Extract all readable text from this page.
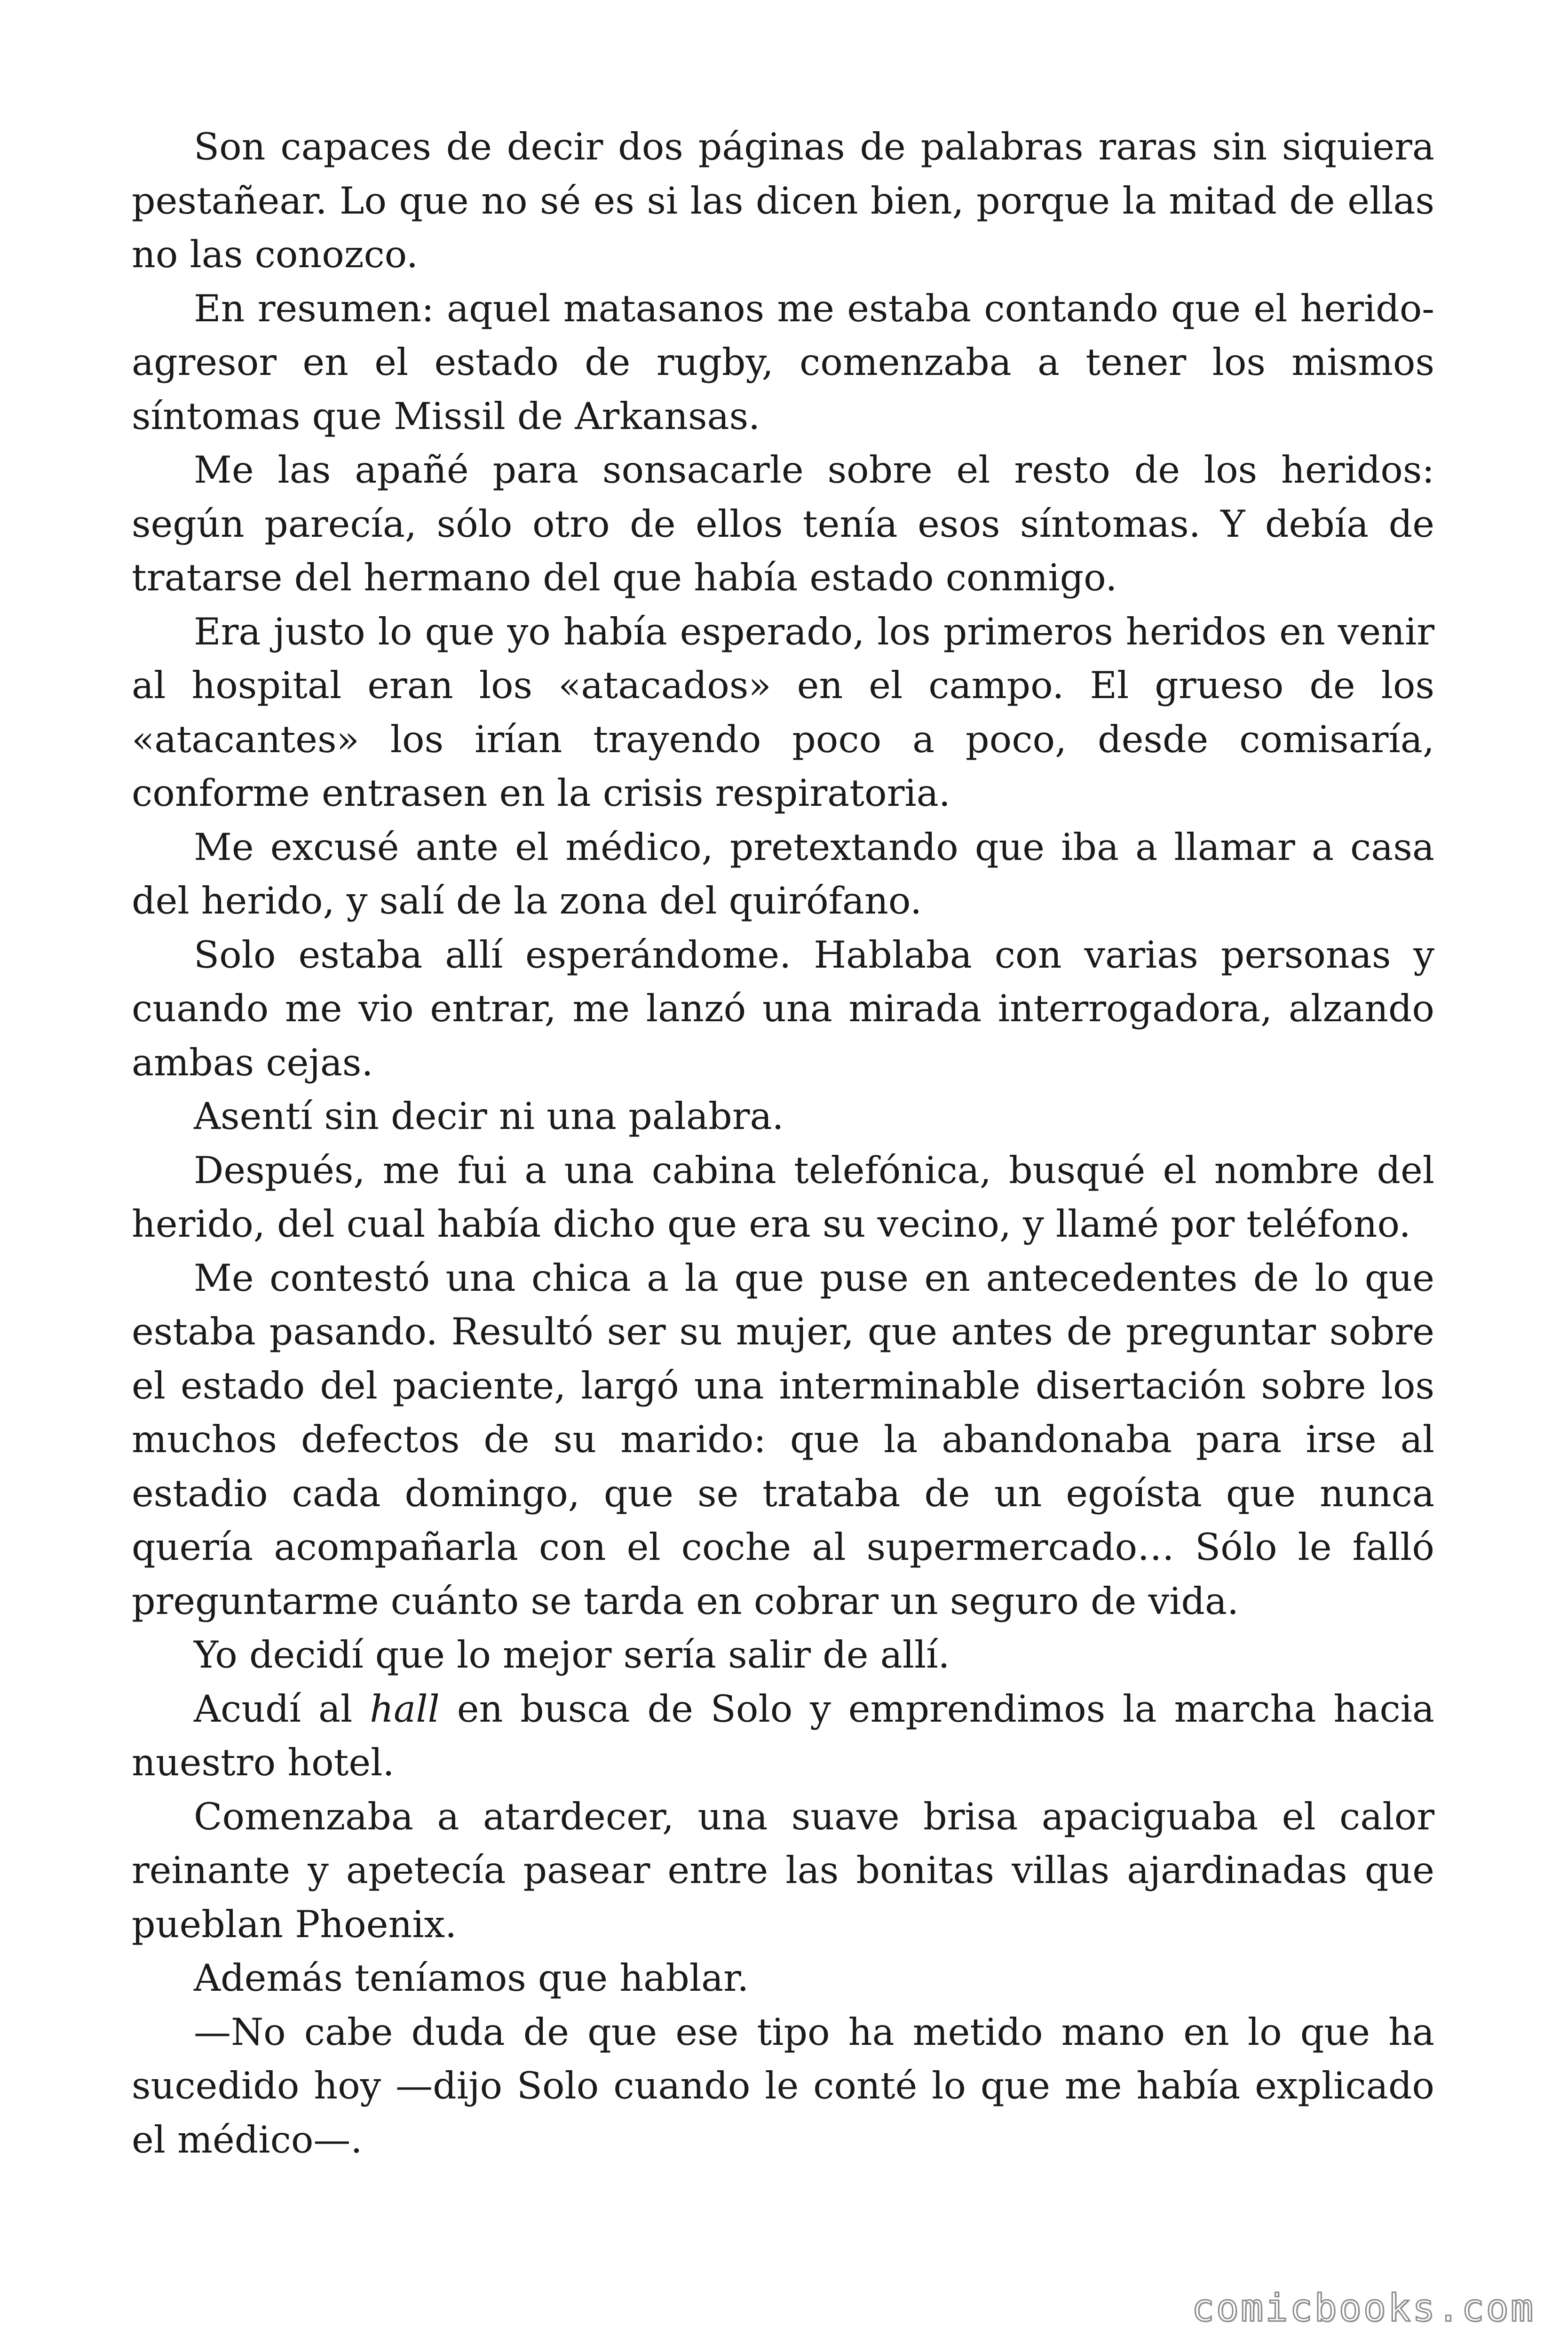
Son capaces de decir dos páginas de palabras raras sin siquiera pestañear. Lo que no sé es si las dicen bien, porque la mitad de ellas no las conozco.

En resumen: aquel matasanos me estaba contando que el herido-agresor en el estado de rugby, comenzaba a tener los mismos síntomas que Missil de Arkansas.

Me las apañé para sonsacarle sobre el resto de los heridos: según parecía, sólo otro de ellos tenía esos síntomas. Y debía de tratarse del hermano del que había estado conmigo.

Era justo lo que yo había esperado, los primeros heridos en venir al hospital eran los «atacados» en el campo. El grueso de los «atacantes» los irían trayendo poco a poco, desde comisaría, conforme entrasen en la crisis respiratoria.

Me excusé ante el médico, pretextando que iba a llamar a casa del herido, y salí de la zona del quirófano.

Solo estaba allí esperándome. Hablaba con varias personas y cuando me vio entrar, me lanzó una mirada interrogadora, alzando ambas cejas.

Asentí sin decir ni una palabra.

Después, me fui a una cabina telefónica, busqué el nombre del herido, del cual había dicho que era su vecino, y llamé por teléfono.

Me contestó una chica a la que puse en antecedentes de lo que estaba pasando. Resultó ser su mujer, que antes de preguntar sobre el estado del paciente, largó una interminable disertación sobre los muchos defectos de su marido: que la abandonaba para irse al estadio cada domingo, que se trataba de un egoísta que nunca quería acompañarla con el coche al supermercado… Sólo le falló preguntarme cuánto se tarda en cobrar un seguro de vida.

Yo decidí que lo mejor sería salir de allí.

Acudí al hall en busca de Solo y emprendimos la marcha hacia nuestro hotel.

Comenzaba a atardecer, una suave brisa apaciguaba el calor reinante y apetecía pasear entre las bonitas villas ajardinadas que pueblan Phoenix.

Además teníamos que hablar.

—No cabe duda de que ese tipo ha metido mano en lo que ha sucedido hoy —dijo Solo cuando le conté lo que me había explicado el médico—.

comicbooks.com
